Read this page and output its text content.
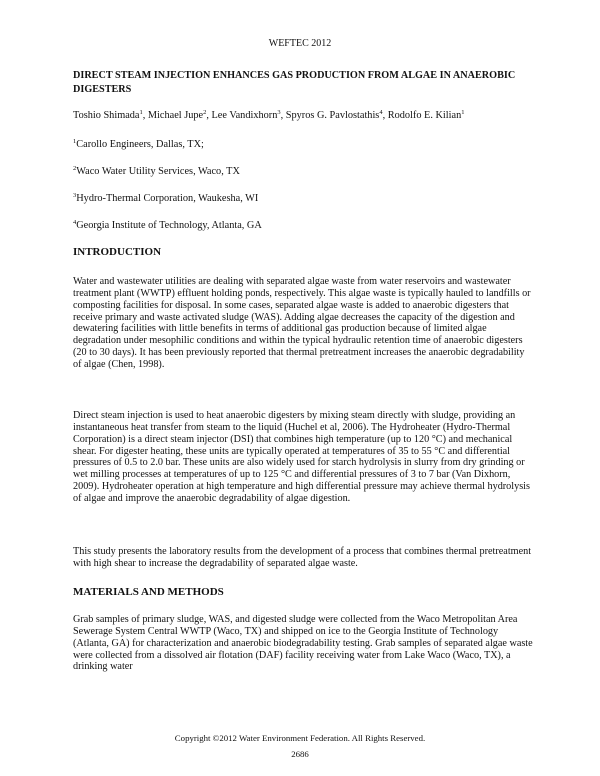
WEFTEC 2012
DIRECT STEAM INJECTION ENHANCES GAS PRODUCTION FROM ALGAE IN ANAEROBIC DIGESTERS
Toshio Shimada$^1$, Michael Jupe$^2$, Lee Vandixhorn$^3$, Spyros G. Pavlostathis$^4$, Rodolfo E. Kilian$^1$
$^1$Carollo Engineers, Dallas, TX;
$^2$Waco Water Utility Services, Waco, TX
$^3$Hydro-Thermal Corporation, Waukesha, WI
$^4$Georgia Institute of Technology, Atlanta, GA
INTRODUCTION

Water and wastewater utilities are dealing with separated algae waste from water reservoirs and wastewater treatment plant (WWTP) effluent holding ponds, respectively. This algae waste is typically hauled to landfills or composting facilities for disposal. In some cases, separated algae waste is added to anaerobic digesters that receive primary and waste activated sludge (WAS). Adding algae decreases the capacity of the digestion and dewatering facilities with little benefits in terms of additional gas production because of limited algae degradation under mesophilic conditions and within the typical hydraulic retention time of anaerobic digesters (20 to 30 days). It has been previously reported that thermal pretreatment increases the anaerobic degradability of algae (Chen, 1998).

Direct steam injection is used to heat anaerobic digesters by mixing steam directly with sludge, providing an instantaneous heat transfer from steam to the liquid (Huchel et al, 2006). The Hydroheater (Hydro-Thermal Corporation) is a direct steam injector (DSI) that combines high temperature (up to 120 °C) and mechanical shear. For digester heating, these units are typically operated at temperatures of 35 to 55 °C and differential pressures of 0.5 to 2.0 bar. These units are also widely used for starch hydrolysis in slurry from dry grinding or wet milling processes at temperatures of up to 125 °C and differential pressures of 3 to 7 bar (Van Dixhorn, 2009). Hydroheater operation at high temperature and high differential pressure may achieve thermal hydrolysis of algae and improve the anaerobic degradability of algae digestion.

This study presents the laboratory results from the development of a process that combines thermal pretreatment with high shear to increase the degradability of separated algae waste.

MATERIALS AND METHODS

Grab samples of primary sludge, WAS, and digested sludge were collected from the Waco Metropolitan Area Sewerage System Central WWTP (Waco, TX) and shipped on ice to the Georgia Institute of Technology (Atlanta, GA) for characterization and anaerobic biodegradability testing. Grab samples of separated algae waste were collected from a dissolved air flotation (DAF) facility receiving water from Lake Waco (Waco, TX), a drinking water

Copyright ©2012 Water Environment Federation. All Rights Reserved.
2686
